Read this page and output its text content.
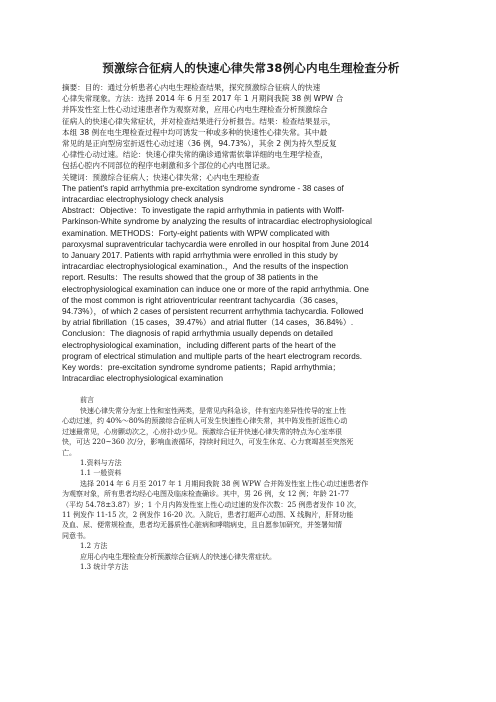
预激综合征病人的快速心律失常38例心内电生理检查分析

摘要：目的：通过分析患者心内电生理检查结果，探究预激综合征病人的快速

心律失常现象。方法：选择 2014 年 6 月至 2017 年 1 月期间我院 38 例 WPW 合

并阵发性室上性心动过速患者作为观察对象，应用心内电生理检查分析预激综合

征病人的快速心律失常症状，并对检查结果进行分析报告。结果：检查结果显示，

本组 38 例在电生理检查过程中均可诱发一种或多种的快速性心律失常。其中最

常见的是正向型房室折返性心动过速（36 例，94.73%），其余 2 例为持久型反复

心律性心动过速。结论：快速心律失常的确诊通常需依靠详细的电生理学检查，

包括心腔内不同部位的程序电刺激和多个部位的心内电图记录。

关键词：预激综合征病人；快速心律失常；心内电生理检查

The patient's rapid arrhythmia pre-excitation syndrome syndrome - 38 cases of

intracardiac electrophysiology check analysis

Abstract：Objective：To investigate the rapid arrhythmia in patients with Wolff-

Parkinson-White syndrome by analyzing the results of intracardiac electrophysiological

examination. METHODS：Forty-eight patients with WPW complicated with

paroxysmal supraventricular tachycardia were enrolled in our hospital from June 2014

to January 2017. Patients with rapid arrhythmia were enrolled in this study by

intracardiac electrophysiological examination.，And the results of the inspection

report. Results：The results showed that the group of 38 patients in the

electrophysiological examination can induce one or more of the rapid arrhythmia. One

of the most common is right atrioventricular reentrant tachycardia（36 cases，

94.73%），of which 2 cases of persistent recurrent arrhythmia tachycardia. Followed

by atrial fibrillation（15 cases，39.47%）and atrial flutter（14 cases，36.84%）.

Conclusion：The diagnosis of rapid arrhythmia usually depends on detailed

electrophysiological examination，including different parts of the heart of the

program of electrical stimulation and multiple parts of the heart electrogram records.

Key words：pre-excitation syndrome syndrome patients；Rapid arrhythmia；

Intracardiac electrophysiological examination

前言

快速心律失常分为室上性和室性两类，是常见内科急诊，伴有室内差异性传导的室上性

心动过速，约 40%～80%的预激综合征病人可发生快速性心律失常，其中阵发性折返性心动

过速最常见，心房颤动次之，心房扑动少见。预激综合征并快速心律失常的特点为心室率很

快，可达 220~360 次/分，影响血液循环，持续时间过久，可发生休克、心力衰竭甚至突然死

亡。

1.资料与方法

1.1 一般资料

选择 2014 年 6 月至 2017 年 1 月期间我院 38 例 WPW 合并阵发性室上性心动过速患者作

为观察对象，所有患者均经心电图及临床检查确诊。其中，男 26 例，女 12 例；年龄 21-77

（平均 54.78±3.87）岁；1 个月内阵发性室上性心动过速的发作次数：25 例患者发作 10 次，

11 例发作 11-15 次，2 例发作 16-20 次。入院后，患者打超声心动图、X 线胸片，肝肾功能

及血、尿、便常规检查，患者均无器质性心脏病和哮喘病史，且自愿参加研究，并签署知情

同意书。

1.2 方法

应用心内电生理检查分析预激综合征病人的快速心律失常症状。

1.3 统计学方法
